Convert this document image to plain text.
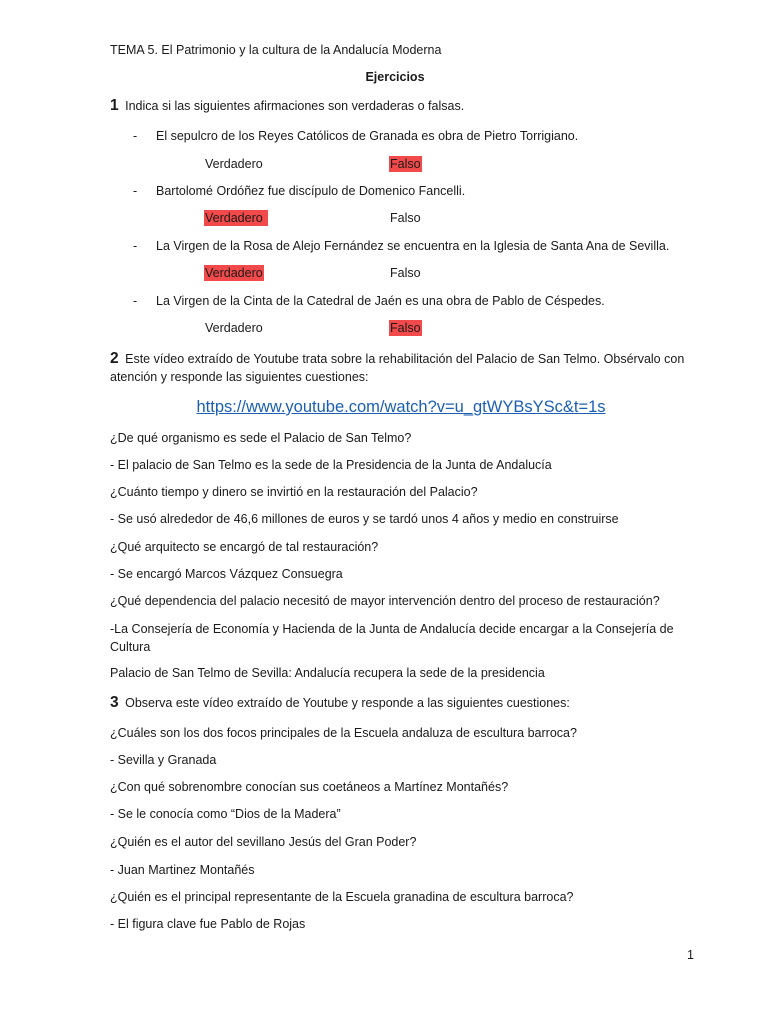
TEMA 5. El Patrimonio y la cultura de la Andalucía Moderna
Ejercicios
1 Indica si las siguientes afirmaciones son verdaderas o falsas.
- El sepulcro de los Reyes Católicos de Granada es obra de Pietro Torrigiano.
Verdadero	Falso
- Bartolomé Ordóñez fue discípulo de Domenico Fancelli.
Verdadero	Falso
- La Virgen de la Rosa de Alejo Fernández se encuentra en la Iglesia de Santa Ana de Sevilla.
Verdadero	Falso
- La Virgen de la Cinta de la Catedral de Jaén es una obra de Pablo de Céspedes.
Verdadero	Falso
2 Este vídeo extraído de Youtube trata sobre la rehabilitación del Palacio de San Telmo. Obsérvalo con atención y responde las siguientes cuestiones:
https://www.youtube.com/watch?v=u_gtWYBsYSc&t=1s
¿De qué organismo es sede el Palacio de San Telmo?
- El palacio de San Telmo es la sede de la Presidencia de la Junta de Andalucía
¿Cuánto tiempo y dinero se invirtió en la restauración del Palacio?
- Se usó alrededor de 46,6 millones de euros y se tardó unos 4 años y medio en construirse
¿Qué arquitecto se encargó de tal restauración?
- Se encargó Marcos Vázquez Consuegra
¿Qué dependencia del palacio necesitó de mayor intervención dentro del proceso de restauración?
-La Consejería de Economía y Hacienda de la Junta de Andalucía decide encargar a la Consejería de Cultura
Palacio de San Telmo de Sevilla: Andalucía recupera la sede de la presidencia
3 Observa este vídeo extraído de Youtube y responde a las siguientes cuestiones:
¿Cuáles son los dos focos principales de la Escuela andaluza de escultura barroca?
- Sevilla y Granada
¿Con qué sobrenombre conocían sus coetáneos a Martínez Montañés?
- Se le conocía como “Dios de la Madera”
¿Quién es el autor del sevillano Jesús del Gran Poder?
- Juan Martinez Montañés
¿Quién es el principal representante de la Escuela granadina de escultura barroca?
- El figura clave fue Pablo de Rojas
1
